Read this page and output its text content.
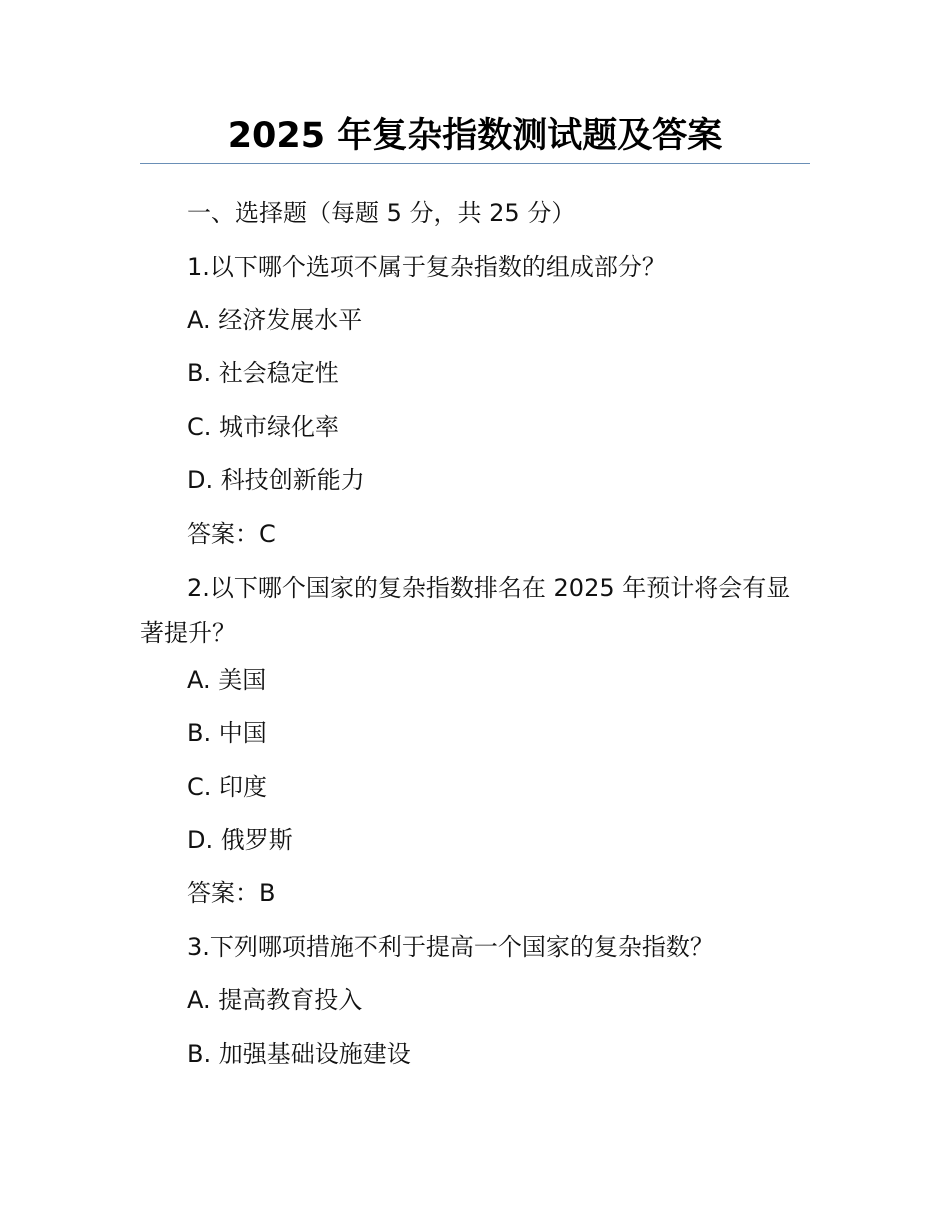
2025 年复杂指数测试题及答案
一、选择题（每题 5 分，共 25 分）
1.以下哪个选项不属于复杂指数的组成部分？
A. 经济发展水平
B. 社会稳定性
C. 城市绿化率
D. 科技创新能力
答案：C
2.以下哪个国家的复杂指数排名在 2025 年预计将会有显著提升？
A. 美国
B. 中国
C. 印度
D. 俄罗斯
答案：B
3.下列哪项措施不利于提高一个国家的复杂指数？
A. 提高教育投入
B. 加强基础设施建设
